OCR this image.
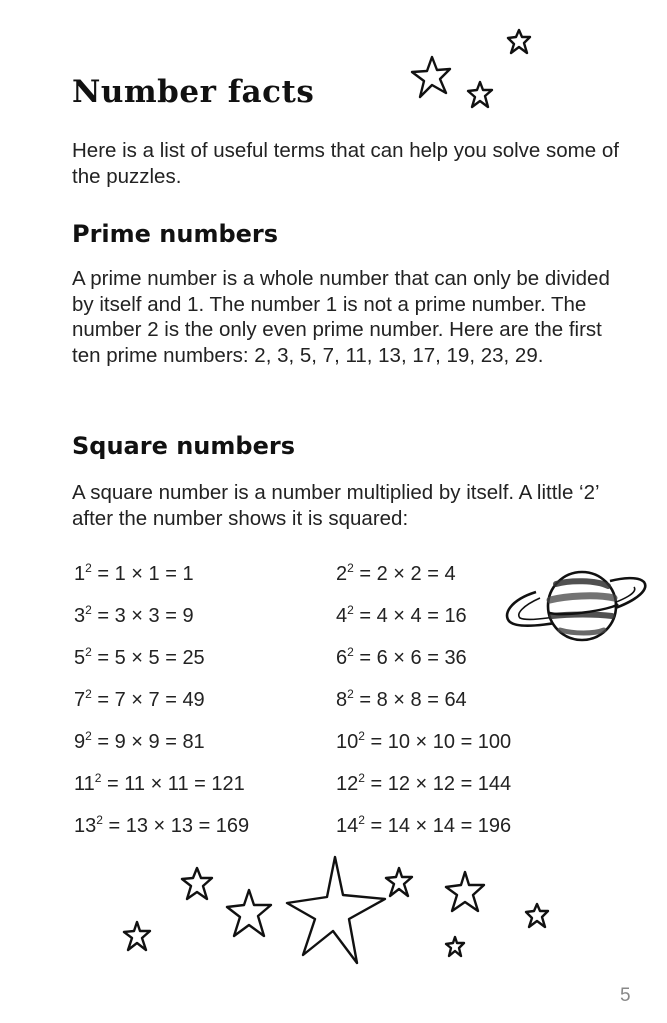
Number facts

Here is a list of useful terms that can help you solve some of the puzzles.

Prime numbers

A prime number is a whole number that can only be divided by itself and 1. The number 1 is not a prime number. The number 2 is the only even prime number. Here are the first ten prime numbers: 2, 3, 5, 7, 11, 13, 17, 19, 23, 29.

Square numbers

A square number is a number multiplied by itself. A little ‘2’ after the number shows it is squared:

$1^2 = 1 \times 1 = 1$	$2^2 = 2 \times 2 = 4$
$3^2 = 3 \times 3 = 9$	$4^2 = 4 \times 4 = 16$
$5^2 = 5 \times 5 = 25$	$6^2 = 6 \times 6 = 36$
$7^2 = 7 \times 7 = 49$	$8^2 = 8 \times 8 = 64$
$9^2 = 9 \times 9 = 81$	$10^2 = 10 \times 10 = 100$
$11^2 = 11 \times 11 = 121$	$12^2 = 12 \times 12 = 144$
$13^2 = 13 \times 13 = 169$	$14^2 = 14 \times 14 = 196$
5
